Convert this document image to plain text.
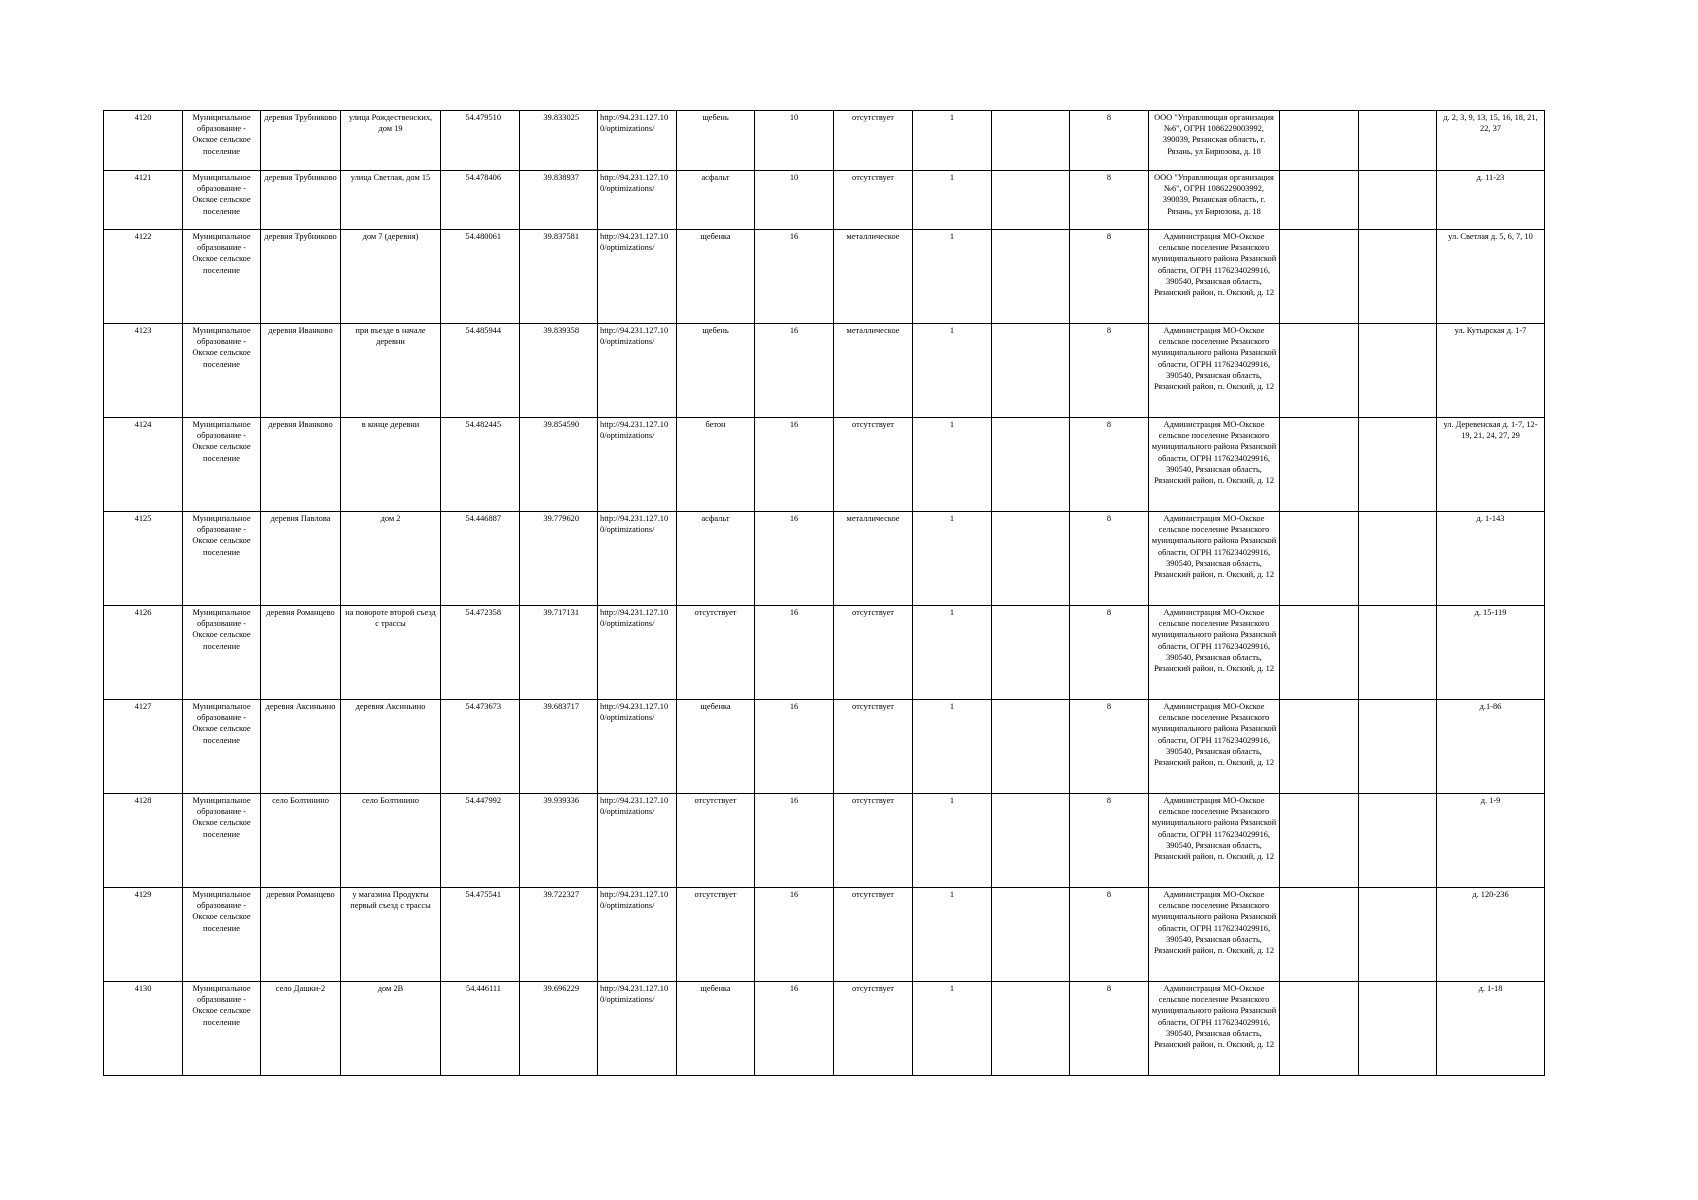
4120	Муниципальное образование - Окское сельское поселение	деревня Трубниково	улица Рождественских, дом 19	54.479510	39.833025	http://94.231.127.10 0/optimizations/	щебень	10	отсутствует	1		8	ООО "Управляющая организация №6", ОГРН 1086229003992, 390039, Рязанская область, г. Рязань, ул Бирюзова, д. 18			д. 2, 3, 9, 13, 15, 16, 18, 21, 22, 37
4121	Муниципальное образование - Окское сельское поселение	деревня Трубниково	улица Светлая, дом 15	54.478406	39.838937	http://94.231.127.10 0/optimizations/	асфальт	10	отсутствует	1		8	ООО "Управляющая организация №6", ОГРН 1086229003992, 390039, Рязанская область, г. Рязань, ул Бирюзова, д. 18			д. 11-23
4122	Муниципальное образование - Окское сельское поселение	деревня Трубниково	дом 7 (деревня)	54.480061	39.837581	http://94.231.127.10 0/optimizations/	щебенка	16	металлическое	1		8	Администрация МО-Окское сельское поселение Рязанского муниципального района Рязанской области, ОГРН 1176234029916, 390540, Рязанская область, Рязанский район, п. Окский, д. 12			ул. Светлая д. 5, 6, 7, 10
4123	Муниципальное образование - Окское сельское поселение	деревня Иванково	при въезде в начале деревни	54.485944	39.839358	http://94.231.127.10 0/optimizations/	щебень	16	металлическое	1		8	Администрация МО-Окское сельское поселение Рязанского муниципального района Рязанской области, ОГРН 1176234029916, 390540, Рязанская область, Рязанский район, п. Окский, д. 12			ул. Кутырская д. 1-7
4124	Муниципальное образование - Окское сельское поселение	деревня Иванково	в конце деревни	54.482445	39.854590	http://94.231.127.10 0/optimizations/	бетон	16	отсутствует	1		8	Администрация МО-Окское сельское поселение Рязанского муниципального района Рязанской области, ОГРН 1176234029916, 390540, Рязанская область, Рязанский район, п. Окский, д. 12			ул. Деревенская д. 1-7, 12-19, 21, 24, 27, 29
4125	Муниципальное образование - Окское сельское поселение	деревня Павлова	дом 2	54.446887	39.779620	http://94.231.127.10 0/optimizations/	асфальт	16	металлическое	1		8	Администрация МО-Окское сельское поселение Рязанского муниципального района Рязанской области, ОГРН 1176234029916, 390540, Рязанская область, Рязанский район, п. Окский, д. 12			д. 1-143
4126	Муниципальное образование - Окское сельское поселение	деревня Романцево	на повороте второй съезд с трассы	54.472358	39.717131	http://94.231.127.10 0/optimizations/	отсутствует	16	отсутствует	1		8	Администрация МО-Окское сельское поселение Рязанского муниципального района Рязанской области, ОГРН 1176234029916, 390540, Рязанская область, Рязанский район, п. Окский, д. 12			д. 15-119
4127	Муниципальное образование - Окское сельское поселение	деревня Аксиньино	деревня Аксиньино	54.473673	39.683717	http://94.231.127.10 0/optimizations/	щебенка	16	отсутствует	1		8	Администрация МО-Окское сельское поселение Рязанского муниципального района Рязанской области, ОГРН 1176234029916, 390540, Рязанская область, Рязанский район, п. Окский, д. 12			д.1-86
4128	Муниципальное образование - Окское сельское поселение	село Болтинино	село Болтинино	54.447992	39.939336	http://94.231.127.10 0/optimizations/	отсутствует	16	отсутствует	1		8	Администрация МО-Окское сельское поселение Рязанского муниципального района Рязанской области, ОГРН 1176234029916, 390540, Рязанская область, Рязанский район, п. Окский, д. 12			д. 1-9
4129	Муниципальное образование - Окское сельское поселение	деревня Романцево	у магазина Продукты первый съезд с трассы	54.475541	39.722327	http://94.231.127.10 0/optimizations/	отсутствует	16	отсутствует	1		8	Администрация МО-Окское сельское поселение Рязанского муниципального района Рязанской области, ОГРН 1176234029916, 390540, Рязанская область, Рязанский район, п. Окский, д. 12			д. 120-236
4130	Муниципальное образование - Окское сельское поселение	село Дашки-2	дом 2В	54.446111	39.696229	http://94.231.127.10 0/optimizations/	щебенка	16	отсутствует	1		8	Администрация МО-Окское сельское поселение Рязанского муниципального района Рязанской области, ОГРН 1176234029916, 390540, Рязанская область, Рязанский район, п. Окский, д. 12			д. 1-18
